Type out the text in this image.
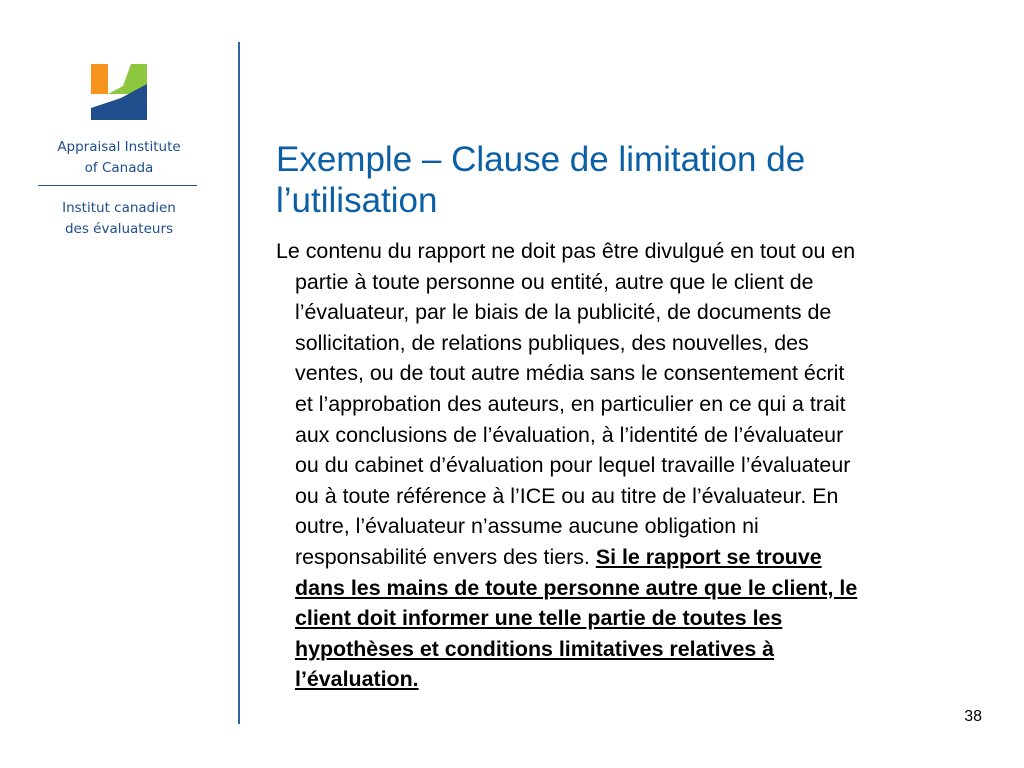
Appraisal Institute
of Canada
Institut canadien
des évaluateurs
Exemple – Clause de limitation de
l’utilisation
Le contenu du rapport ne doit pas être divulgué en tout ou en
partie à toute personne ou entité, autre que le client de
l’évaluateur, par le biais de la publicité, de documents de
sollicitation, de relations publiques, des nouvelles, des
ventes, ou de tout autre média sans le consentement écrit
et l’approbation des auteurs, en particulier en ce qui a trait
aux conclusions de l’évaluation, à l’identité de l’évaluateur
ou du cabinet d’évaluation pour lequel travaille l’évaluateur
ou à toute référence à l’ICE ou au titre de l’évaluateur. En
outre, l’évaluateur n’assume aucune obligation ni
responsabilité envers des tiers. Si le rapport se trouve
dans les mains de toute personne autre que le client, le
client doit informer une telle partie de toutes les
hypothèses et conditions limitatives relatives à
l’évaluation.
38
